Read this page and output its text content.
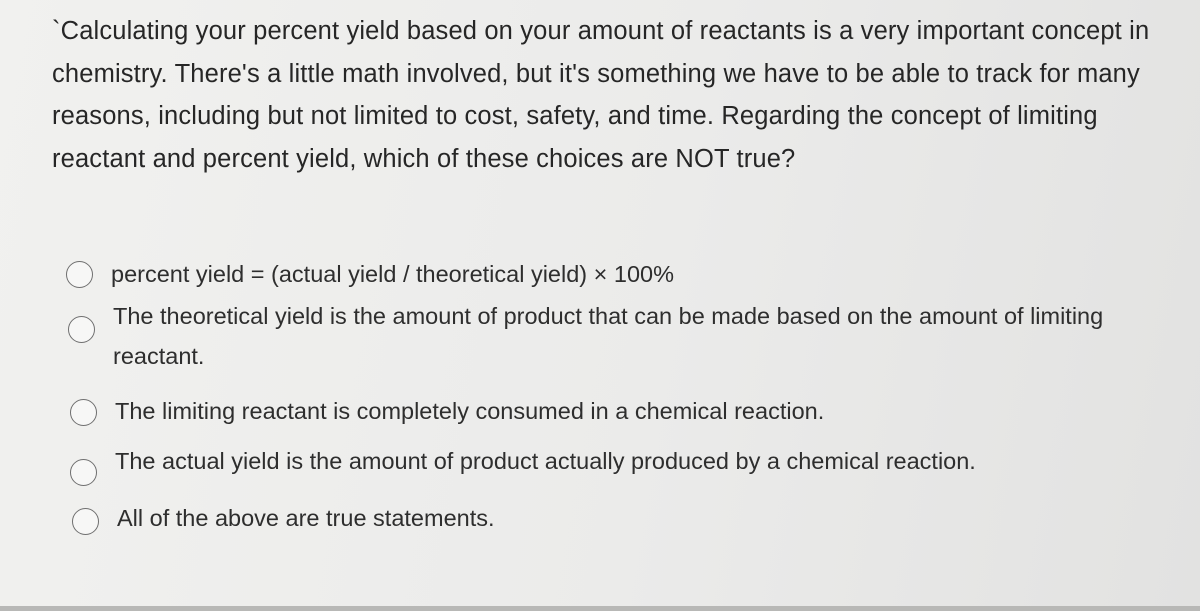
`Calculating your percent yield based on your amount of reactants is a very important concept in chemistry. There's a little math involved, but it's something we have to be able to track for many reasons, including but not limited to cost, safety, and time. Regarding the concept of limiting reactant and percent yield, which of these choices are NOT true?
percent yield = (actual yield / theoretical yield) × 100%
The theoretical yield is the amount of product that can be made based on the amount of limiting reactant.
The limiting reactant is completely consumed in a chemical reaction.
The actual yield is the amount of product actually produced by a chemical reaction.
All of the above are true statements.
